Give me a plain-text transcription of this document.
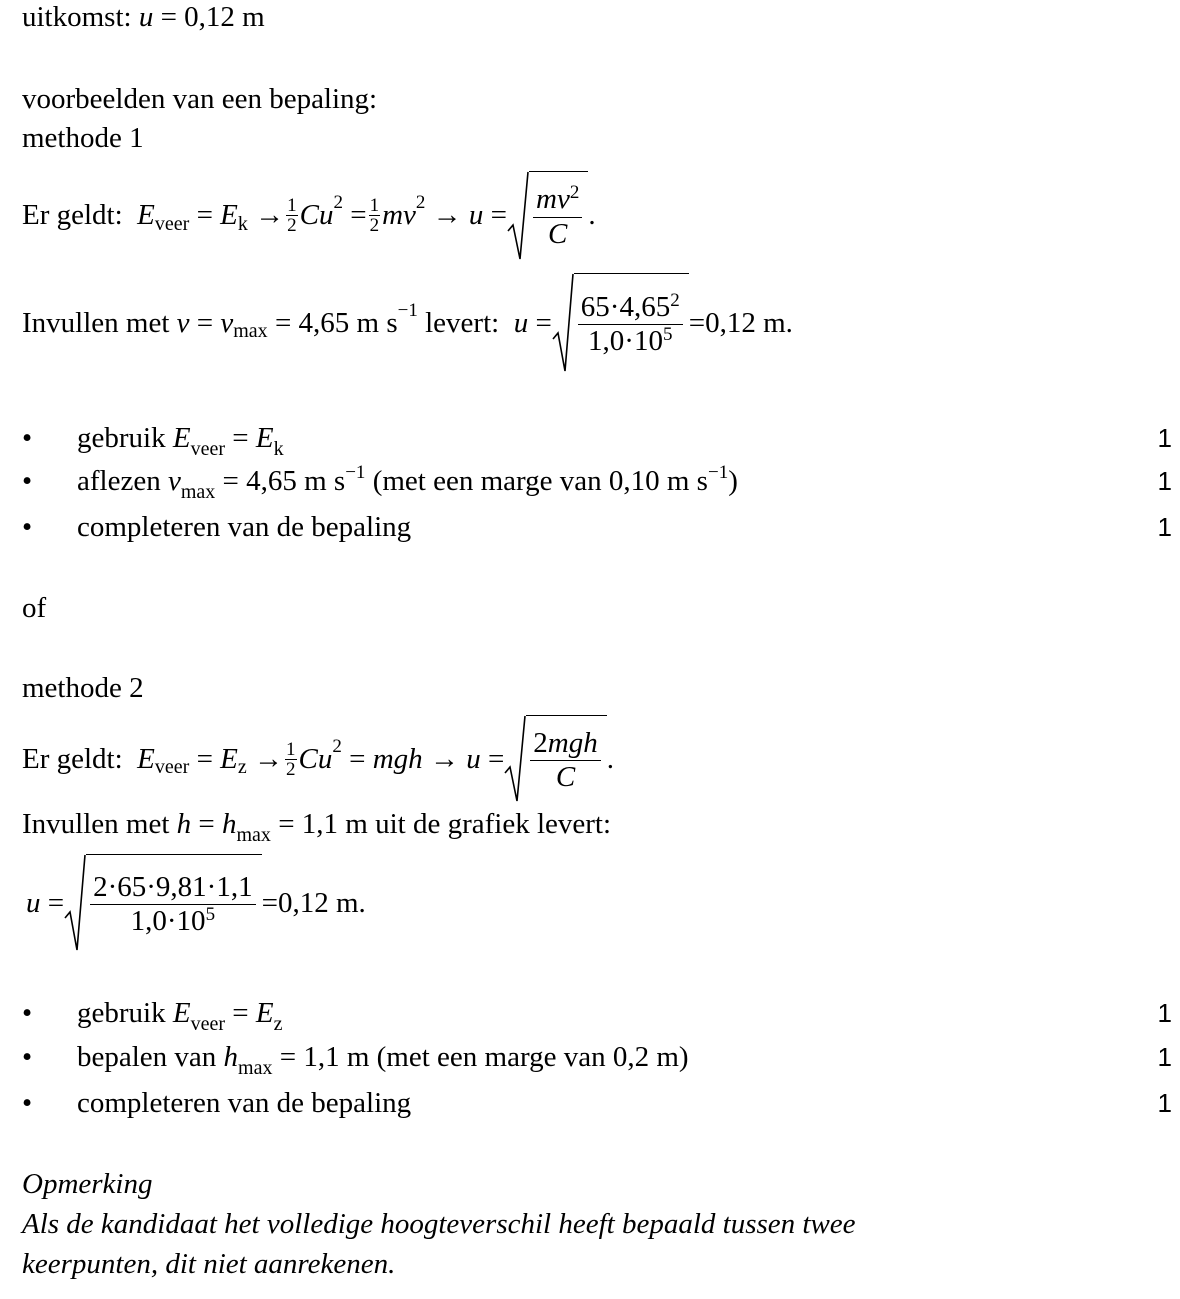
uitkomst: u = 0,12 m
voorbeelden van een bepaling:
methode 1
Er geldt:
E veer = E $k \to \frac{1}{2}$ Cu $2 = \frac{1}{2}$ mv $2 \to u = \frac{mv^2}{C}$ .
Invullen met
v = v max
= 4,65 m s −1
levert:
$u = \frac{65\cdot 4,65^2}{1,0\cdot 10^5} =0,12$ m.
• gebruik $E_{veer} = E_k$	1
• aflezen $v_{max} = 4,65$ m $s^{-1}$ (met een marge van 0,10 m $s^{-1}$)	1
• completeren van de bepaling	1
of
methode 2
Er geldt:
E veer = E $z \to \frac{1}{2}$ Cu 2 = mgh → $u = \frac{\text{2mgh}}{C}$ .
Invullen met $h = h_{max} = 1,1$ m uit de grafiek levert:
$u = \frac{2\cdot 65\cdot 9,81\cdot 1,1}{1,0\cdot 10^5} =0,12$ m.
• gebruik $E_{veer} = E_z$	1
• bepalen van $h_{max} = 1,1$ m (met een marge van 0,2 m)	1
• completeren van de bepaling	1
Opmerking
Als de kandidaat het volledige hoogteverschil heeft bepaald tussen twee
keerpunten, dit niet aanrekenen.
